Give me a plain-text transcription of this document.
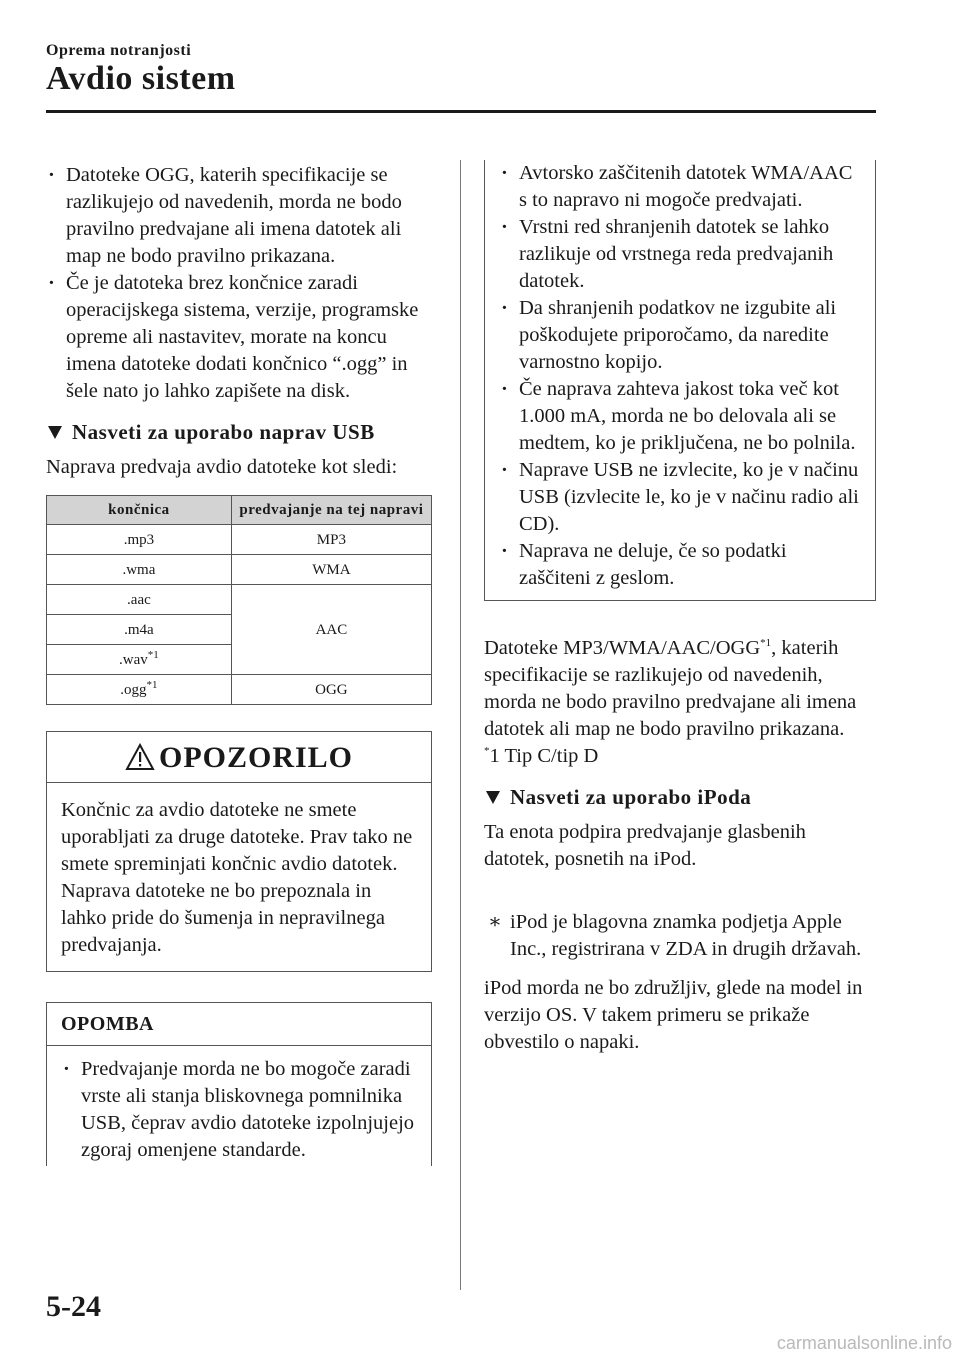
Oprema notranjosti
Avdio sistem

· Datoteke OGG, katerih specifikacije se razlikujejo od navedenih, morda ne bodo pravilno predvajane ali imena datotek ali map ne bodo pravilno prikazana.

· Če je datoteka brez končnice zaradi operacijskega sistema, verzije, programske opreme ali nastavitev, morate na koncu imena datoteke dodati končnico “.ogg” in šele nato jo lahko zapišete na disk.

Nasveti za uporabo naprav USB

Naprava predvaja avdio datoteke kot sledi:

končnica	predvajanje na tej napravi
.mp3	MP3
.wma	WMA
.aac	AAC
.m4a	
.wav$^{*1}$
.ogg$^{*1}$	OGG
OPOZORILO
Končnic za avdio datoteke ne smete uporabljati za druge datoteke. Prav tako ne smete spreminjati končnic avdio datotek. Naprava datoteke ne bo prepoznala in lahko pride do šumenja in nepravilnega predvajanja.
OPOMBA

· Predvajanje morda ne bo mogoče zaradi vrste ali stanja bliskovnega pomnilnika USB, čeprav avdio datoteke izpolnjujejo zgoraj omenjene standarde.

· Avtorsko zaščitenih datotek WMA/AAC s to napravo ni mogoče predvajati.

· Vrstni red shranjenih datotek se lahko razlikuje od vrstnega reda predvajanih datotek.

· Da shranjenih podatkov ne izgubite ali poškodujete priporočamo, da naredite varnostno kopijo.

· Če naprava zahteva jakost toka več kot 1.000 mA, morda ne bo delovala ali se medtem, ko je priključena, ne bo polnila.

· Naprave USB ne izvlecite, ko je v načinu USB (izvlecite le, ko je v načinu radio ali CD).

· Naprava ne deluje, če so podatki zaščiteni z geslom.

Datoteke MP3/WMA/AAC/OGG$^{*1}$, katerih specifikacije se razlikujejo od navedenih, morda ne bodo pravilno predvajane ali imena datotek ali map ne bodo pravilno prikazana.

*1 Tip C/tip D

Nasveti za uporabo iPoda

Ta enota podpira predvajanje glasbenih datotek, posnetih na iPod.

∗ iPod je blagovna znamka podjetja Apple Inc., registrirana v ZDA in drugih državah.

iPod morda ne bo združljiv, glede na model in verzijo OS. V takem primeru se prikaže obvestilo o napaki.

5-24
carmanualsonline.info
